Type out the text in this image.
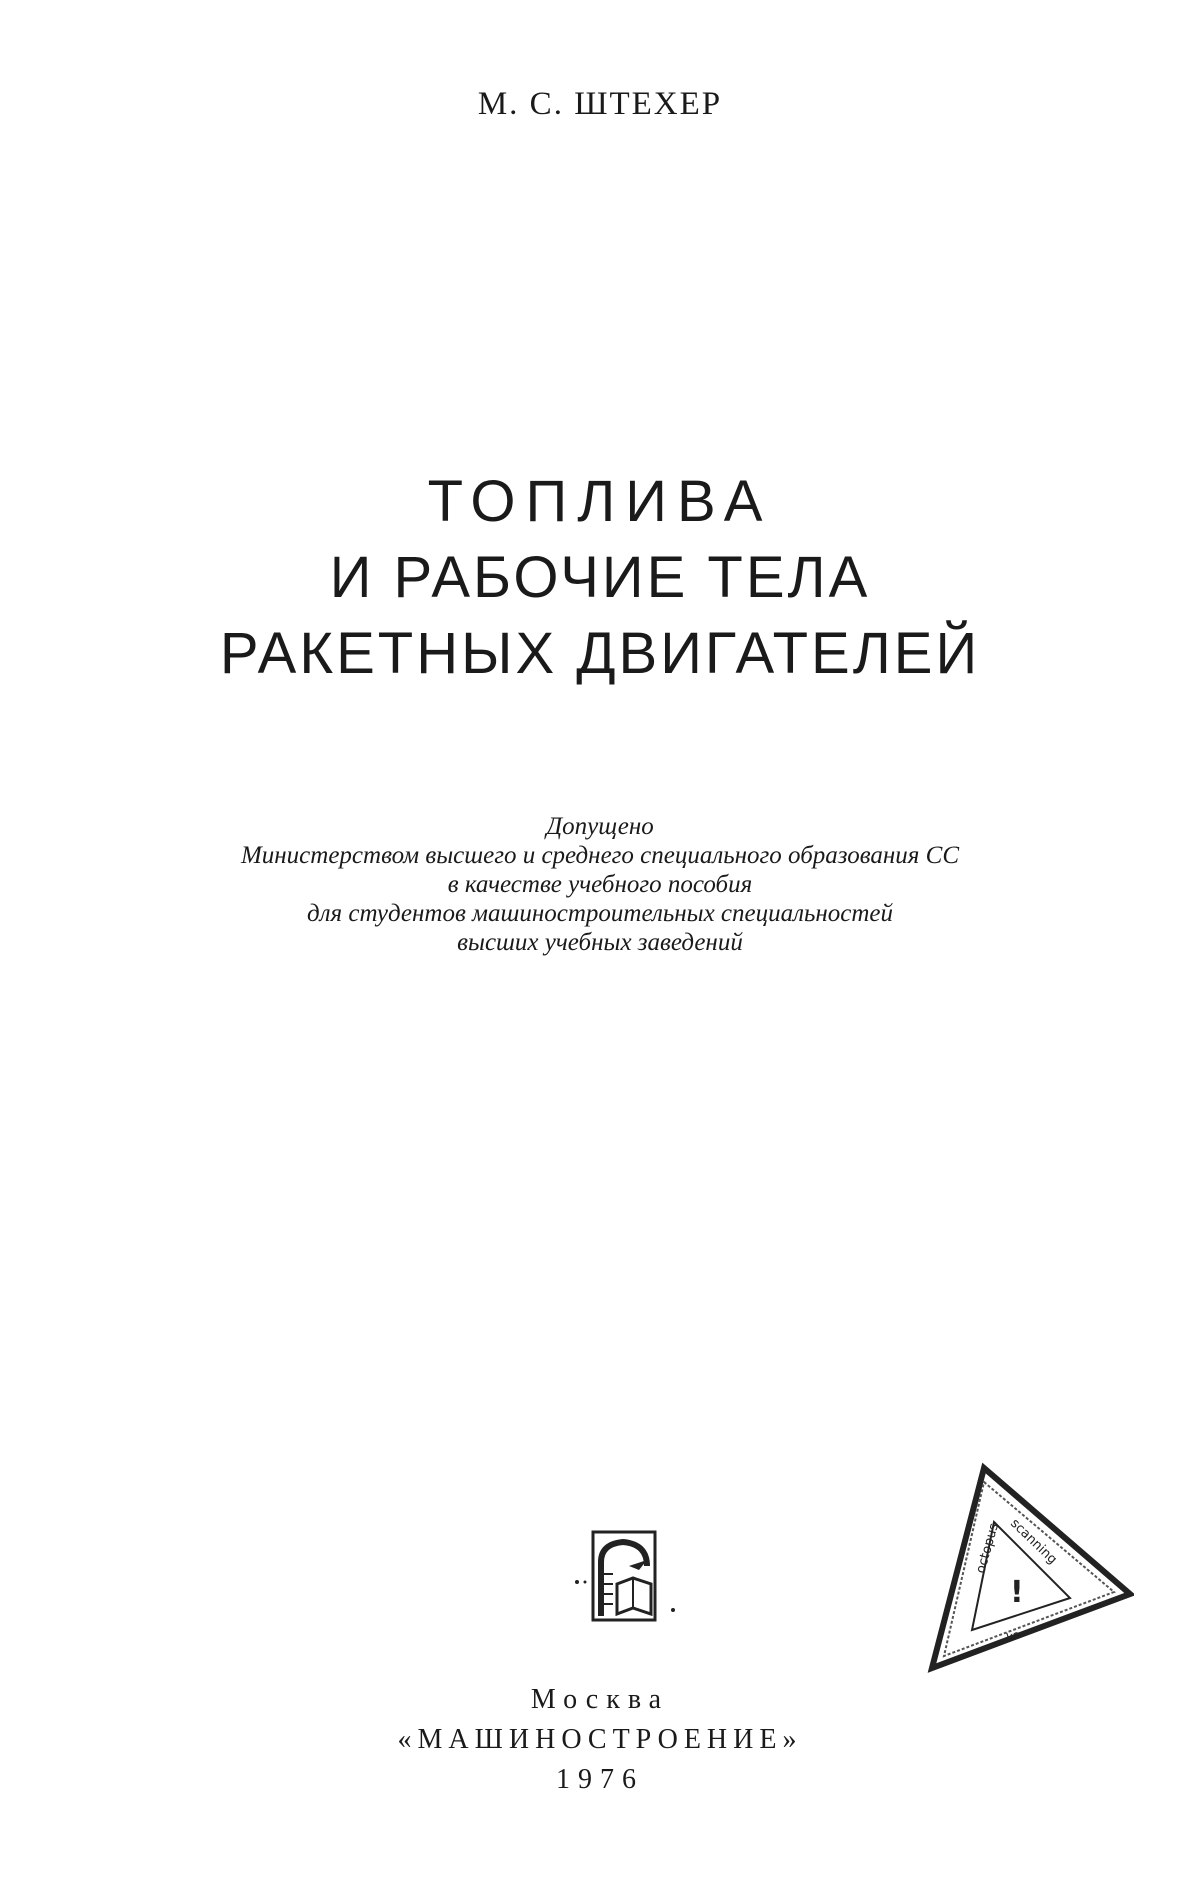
М. С. ШТЕХЕР
ТОПЛИВА
И РАБОЧИЕ ТЕЛА
РАКЕТНЫХ ДВИГАТЕЛЕЙ
Допущено
Министерством высшего и среднего специального образования СС
в качестве учебного пособия
для студентов машиностроительных специальностей
высших учебных заведений
octopus scanning
ka
!
Москва
«МАШИНОСТРОЕНИЕ»
1976
